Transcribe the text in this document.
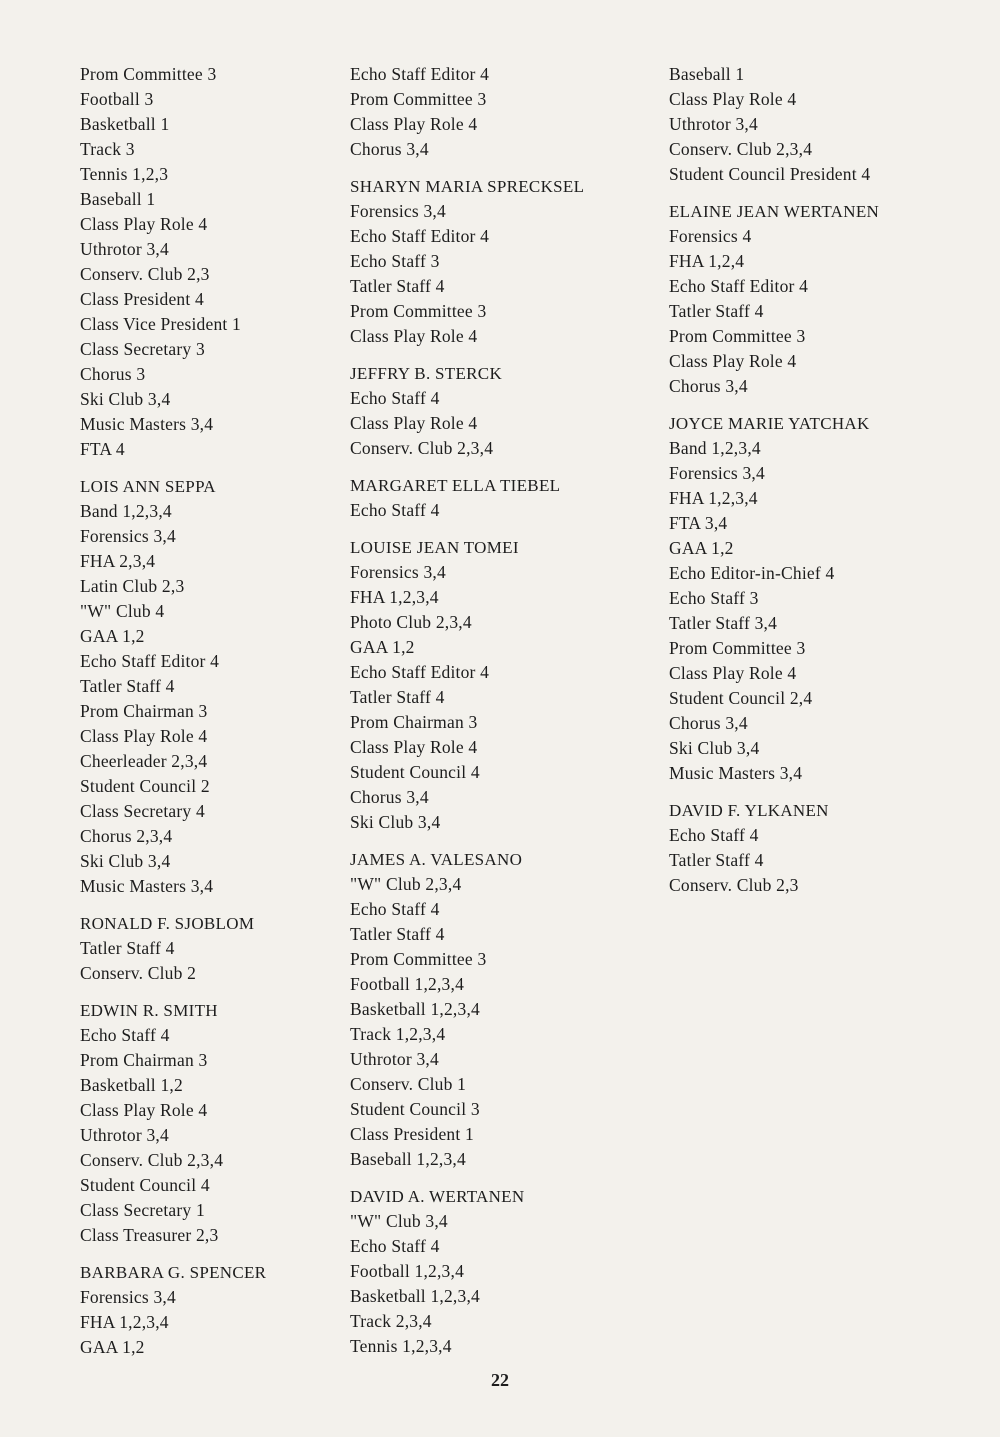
Prom Committee 3
Football 3
Basketball 1
Track 3
Tennis 1,2,3
Baseball 1
Class Play Role 4
Uthrotor 3,4
Conserv. Club 2,3
Class President 4
Class Vice President 1
Class Secretary 3
Chorus 3
Ski Club 3,4
Music Masters 3,4
FTA 4
LOIS ANN SEPPA
Band 1,2,3,4
Forensics 3,4
FHA 2,3,4
Latin Club 2,3
"W" Club 4
GAA 1,2
Echo Staff Editor 4
Tatler Staff 4
Prom Chairman 3
Class Play Role 4
Cheerleader 2,3,4
Student Council 2
Class Secretary 4
Chorus 2,3,4
Ski Club 3,4
Music Masters 3,4
RONALD F. SJOBLOM
Tatler Staff 4
Conserv. Club 2
EDWIN R. SMITH
Echo Staff 4
Prom Chairman 3
Basketball 1,2
Class Play Role 4
Uthrotor 3,4
Conserv. Club 2,3,4
Student Council 4
Class Secretary 1
Class Treasurer 2,3
BARBARA G. SPENCER
Forensics 3,4
FHA 1,2,3,4
GAA 1,2
Echo Staff Editor 4
Prom Committee 3
Class Play Role 4
Chorus 3,4
SHARYN MARIA SPRECKSEL
Forensics 3,4
Echo Staff Editor 4
Echo Staff 3
Tatler Staff 4
Prom Committee 3
Class Play Role 4
JEFFRY B. STERCK
Echo Staff 4
Class Play Role 4
Conserv. Club 2,3,4
MARGARET ELLA TIEBEL
Echo Staff 4
LOUISE JEAN TOMEI
Forensics 3,4
FHA 1,2,3,4
Photo Club 2,3,4
GAA 1,2
Echo Staff Editor 4
Tatler Staff 4
Prom Chairman 3
Class Play Role 4
Student Council 4
Chorus 3,4
Ski Club 3,4
JAMES A. VALESANO
"W" Club 2,3,4
Echo Staff 4
Tatler Staff 4
Prom Committee 3
Football 1,2,3,4
Basketball 1,2,3,4
Track 1,2,3,4
Uthrotor 3,4
Conserv. Club 1
Student Council 3
Class President 1
Baseball 1,2,3,4
DAVID A. WERTANEN
"W" Club 3,4
Echo Staff 4
Football 1,2,3,4
Basketball 1,2,3,4
Track 2,3,4
Tennis 1,2,3,4
Baseball 1
Class Play Role 4
Uthrotor 3,4
Conserv. Club 2,3,4
Student Council President 4
ELAINE JEAN WERTANEN
Forensics 4
FHA 1,2,4
Echo Staff Editor 4
Tatler Staff 4
Prom Committee 3
Class Play Role 4
Chorus 3,4
JOYCE MARIE YATCHAK
Band 1,2,3,4
Forensics 3,4
FHA 1,2,3,4
FTA 3,4
GAA 1,2
Echo Editor-in-Chief 4
Echo Staff 3
Tatler Staff 3,4
Prom Committee 3
Class Play Role 4
Student Council 2,4
Chorus 3,4
Ski Club 3,4
Music Masters 3,4
DAVID F. YLKANEN
Echo Staff 4
Tatler Staff 4
Conserv. Club 2,3
22
